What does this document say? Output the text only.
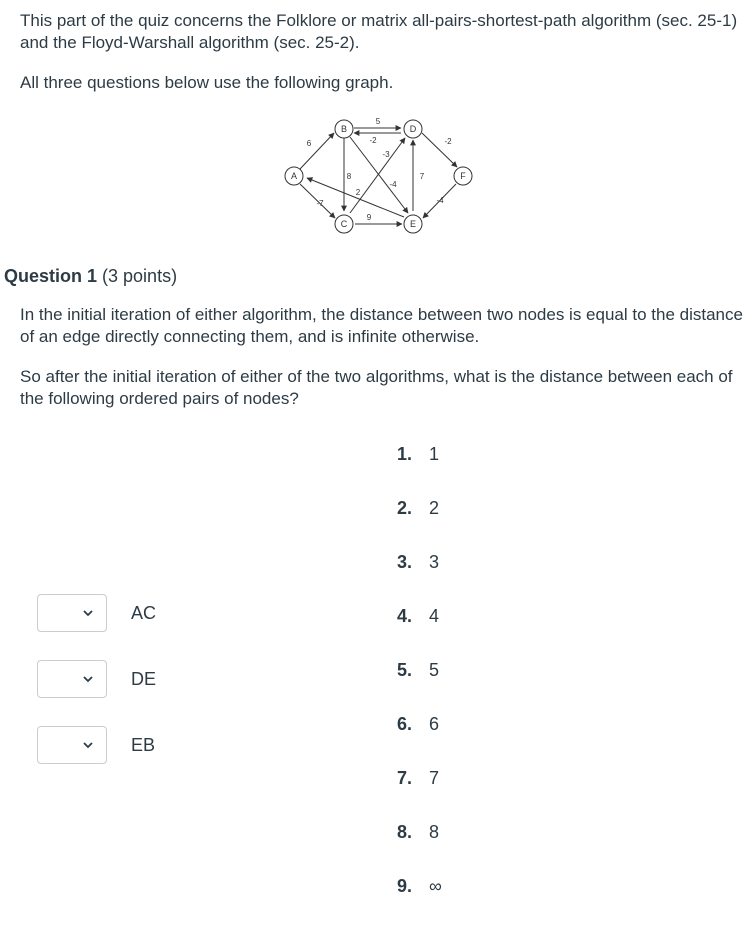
This part of the quiz concerns the Folklore or matrix all-pairs-shortest-path algorithm (sec. 25-1) and the Floyd-Warshall algorithm (sec. 25-2).

All three questions below use the following graph.

6
5
-2
-3
8
2
-4
7
9
-7
-2
-4
A
B
C
D
E
F
Question 1 (3 points)

In the initial iteration of either algorithm, the distance between two nodes is equal to the distance of an edge directly connecting them, and is infinite otherwise.

So after the initial iteration of either of the two algorithms, what is the distance between each of the following ordered pairs of nodes?

AC
DE
EB
1. 1
2. 2
3. 3
4. 4
5. 5
6. 6
7. 7
8. 8
9. ∞
